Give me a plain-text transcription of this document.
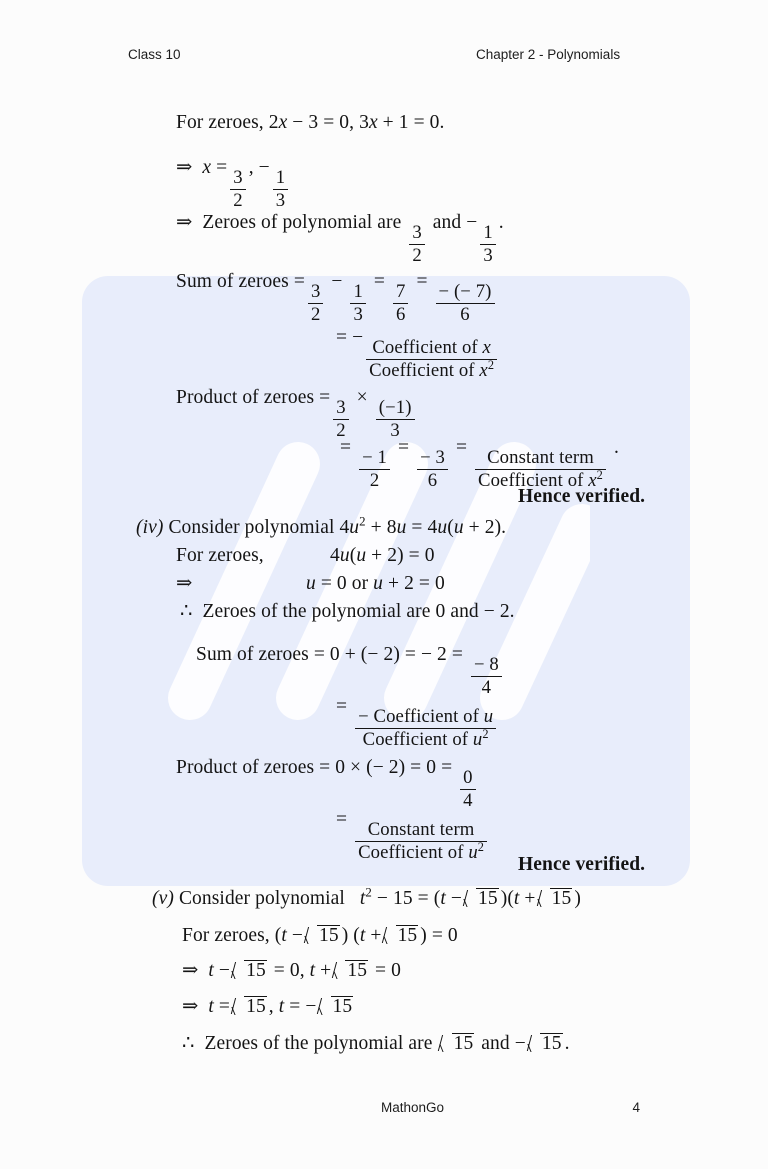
Class 10	Chapter 2 - Polynomials
For zeroes, 2x − 3 = 0, 3x + 1 = 0.
⇒ x =
$\frac{3}{2}$
, −
$\frac{1}{3}$
⇒ Zeroes of polynomial are
$\frac{3}{2}$
and −
$\frac{1}{3}$
.
Sum of zeroes =
$\frac{3}{2}$
−
$\frac{1}{3}$
=
$\frac{7}{6}$
=
$\frac{- (- 7)}{6}$
= −
$\frac{\text{Coefficient of x}}{Coefficient of x^2}$
Product of zeroes =
$\frac{3}{2}$
×
$\frac{(-1)}{3}$
=
$\frac{- 1}{2}$
=
$\frac{- 3}{6}$
=
$\frac{\text{Constant term}}{Coefficient of x^2}$
.
Hence verified.
(iv) Consider polynomial $4u^2 + 8u = 4u(u + 2)$.
For zeroes,	4u(u + 2) = 0
⇒	u = 0 or u + 2 = 0
∴ Zeroes of the polynomial are 0 and − 2.
Sum of zeroes = 0 + (− 2) = − 2 =
$\frac{- 8}{4}$
=
$\frac{\text{− Coefficient of u}}{Coefficient of u^2}$
Product of zeroes = 0 × (− 2) = 0 =
$\frac{0}{4}$
=
$\frac{\text{Constant term}}{Coefficient of u^2}$
Hence verified.
(v) Consider polynomial $t^2 - 15 = (t - 15$ )(t + 15 )
For zeroes, (t − 15 ) (t + 15 ) = 0
⇒ t − 15 = 0, t + 15 = 0
⇒ t = 15 , t = − 15
∴ Zeroes of the polynomial are 15 and − 15 .
MathonGo	4
